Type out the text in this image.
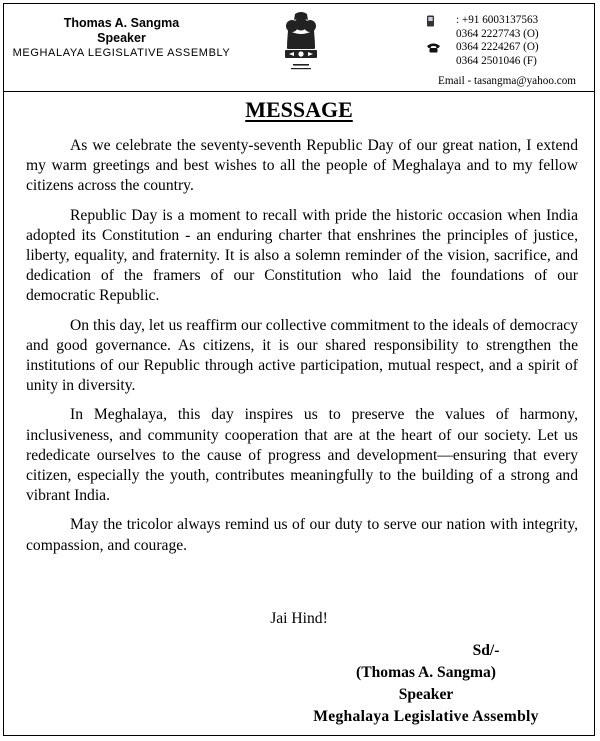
Thomas A. Sangma
Speaker
MEGHALAYA LEGISLATIVE ASSEMBLY
: +91 6003137563
0364 2227743 (O)
0364 2224267 (O)
0364 2501046 (F)
Email - tasangma@yahoo.com
MESSAGE

As we celebrate the seventy-seventh Republic Day of our great nation, I extend my warm greetings and best wishes to all the people of Meghalaya and to my fellow citizens across the country.

Republic Day is a moment to recall with pride the historic occasion when India adopted its Constitution - an enduring charter that enshrines the principles of justice, liberty, equality, and fraternity. It is also a solemn reminder of the vision, sacrifice, and dedication of the framers of our Constitution who laid the foundations of our democratic Republic.

On this day, let us reaffirm our collective commitment to the ideals of democracy and good governance. As citizens, it is our shared responsibility to strengthen the institutions of our Republic through active participation, mutual respect, and a spirit of unity in diversity.

In Meghalaya, this day inspires us to preserve the values of harmony, inclusiveness, and community cooperation that are at the heart of our society. Let us rededicate ourselves to the cause of progress and development—ensuring that every citizen, especially the youth, contributes meaningfully to the building of a strong and vibrant India.

May the tricolor always remind us of our duty to serve our nation with integrity, compassion, and courage.

Jai Hind!
Sd/-
(Thomas A. Sangma)
Speaker
Meghalaya Legislative Assembly
